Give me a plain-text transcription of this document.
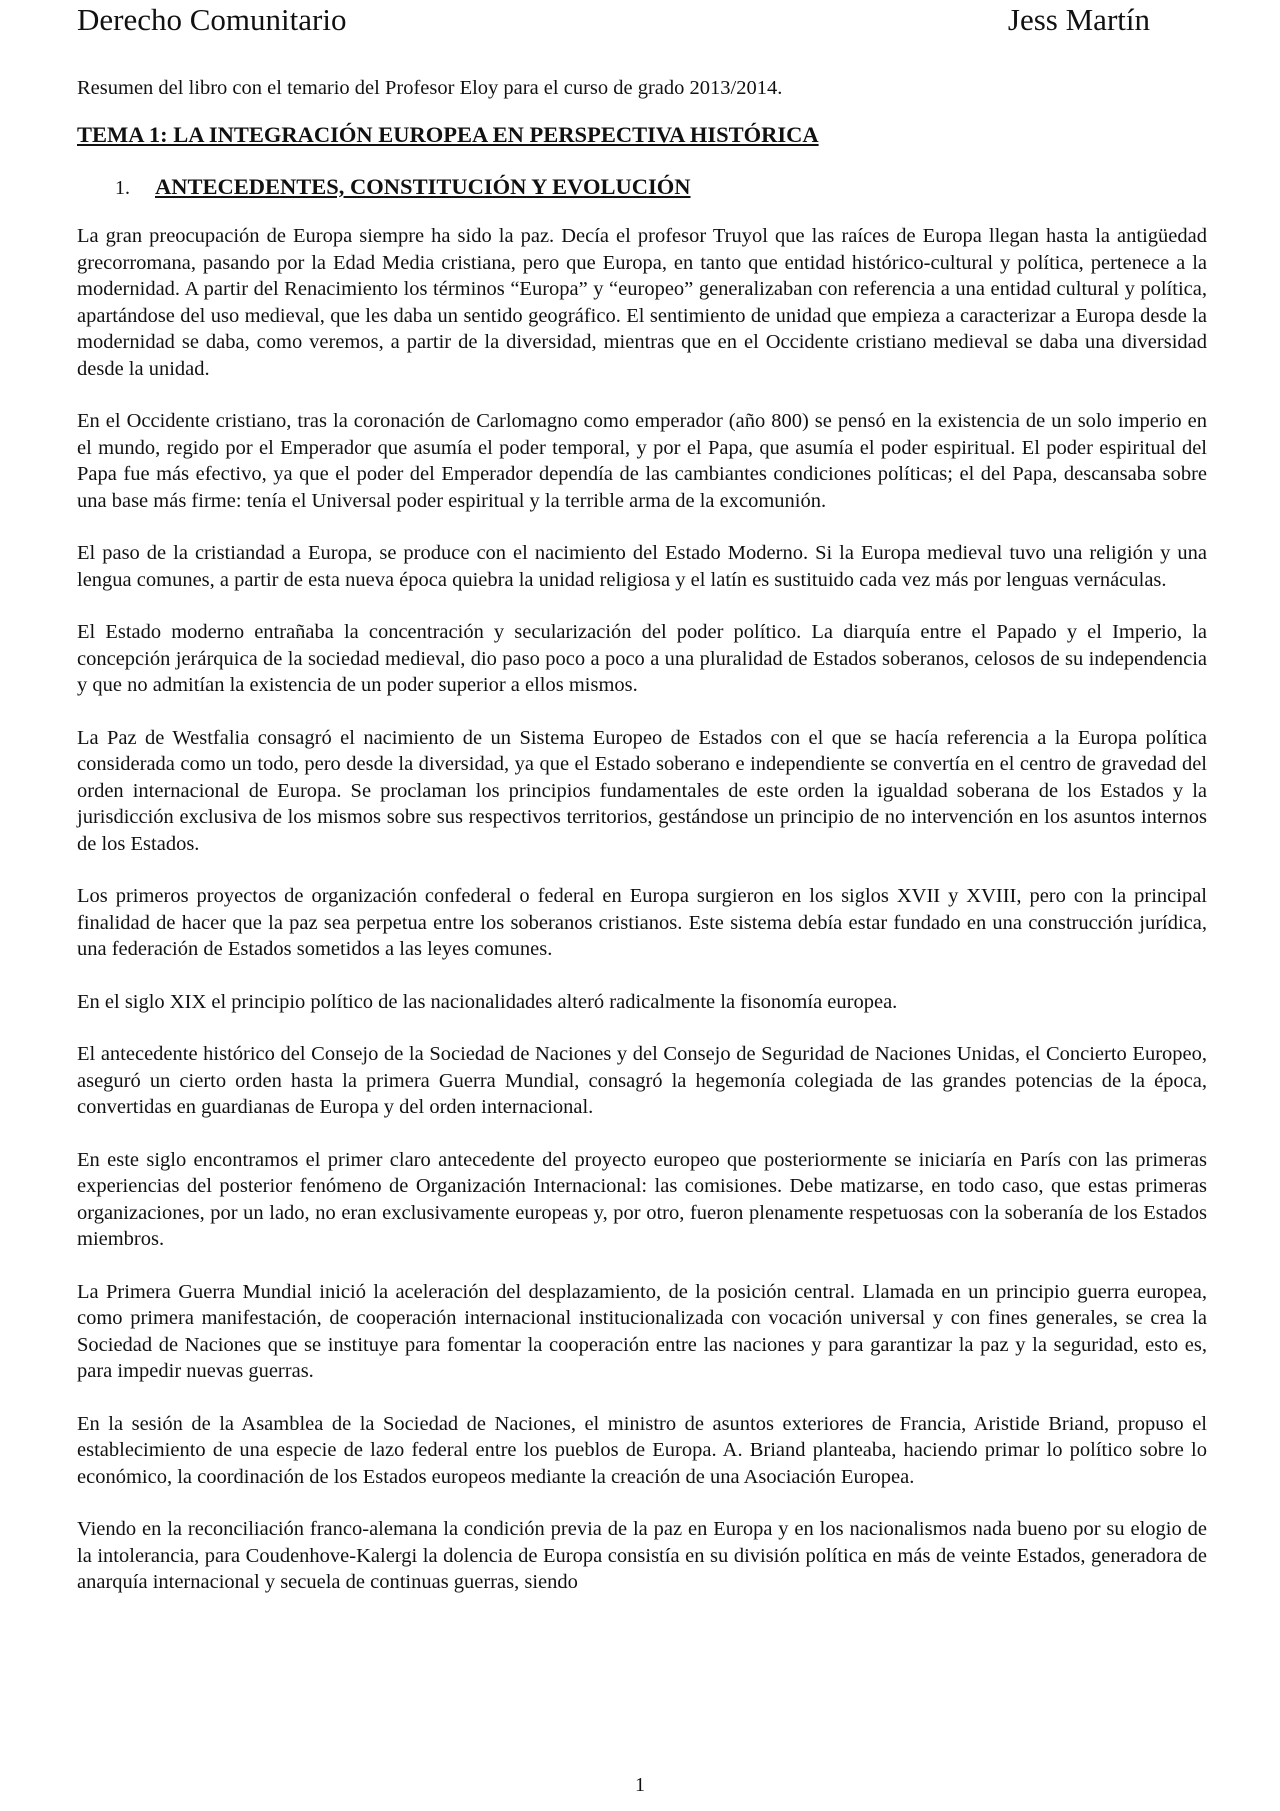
Derecho Comunitario	Jess Martín

Resumen del libro con el temario del Profesor Eloy para el curso de grado 2013/2014.

TEMA 1: LA INTEGRACIÓN EUROPEA EN PERSPECTIVA HISTÓRICA

1. ANTECEDENTES, CONSTITUCIÓN Y EVOLUCIÓN

La gran preocupación de Europa siempre ha sido la paz. Decía el profesor Truyol que las raíces de Europa llegan hasta la antigüedad grecorromana, pasando por la Edad Media cristiana, pero que Europa, en tanto que entidad histórico-cultural y política, pertenece a la modernidad. A partir del Renacimiento los términos “Europa” y “europeo” generalizaban con referencia a una entidad cultural y política, apartándose del uso medieval, que les daba un sentido geográfico. El sentimiento de unidad que empieza a caracterizar a Europa desde la modernidad se daba, como veremos, a partir de la diversidad, mientras que en el Occidente cristiano medieval se daba una diversidad desde la unidad.

En el Occidente cristiano, tras la coronación de Carlomagno como emperador (año 800) se pensó en la existencia de un solo imperio en el mundo, regido por el Emperador que asumía el poder temporal, y por el Papa, que asumía el poder espiritual. El poder espiritual del Papa fue más efectivo, ya que el poder del Emperador dependía de las cambiantes condiciones políticas; el del Papa, descansaba sobre una base más firme: tenía el Universal poder espiritual y la terrible arma de la excomunión.

El paso de la cristiandad a Europa, se produce con el nacimiento del Estado Moderno. Si la Europa medieval tuvo una religión y una lengua comunes, a partir de esta nueva época quiebra la unidad religiosa y el latín es sustituido cada vez más por lenguas vernáculas.

El Estado moderno entrañaba la concentración y secularización del poder político. La diarquía entre el Papado y el Imperio, la concepción jerárquica de la sociedad medieval, dio paso poco a poco a una pluralidad de Estados soberanos, celosos de su independencia y que no admitían la existencia de un poder superior a ellos mismos.

La Paz de Westfalia consagró el nacimiento de un Sistema Europeo de Estados con el que se hacía referencia a la Europa política considerada como un todo, pero desde la diversidad, ya que el Estado soberano e independiente se convertía en el centro de gravedad del orden internacional de Europa. Se proclaman los principios fundamentales de este orden la igualdad soberana de los Estados y la jurisdicción exclusiva de los mismos sobre sus respectivos territorios, gestándose un principio de no intervención en los asuntos internos de los Estados.

Los primeros proyectos de organización confederal o federal en Europa surgieron en los siglos XVII y XVIII, pero con la principal finalidad de hacer que la paz sea perpetua entre los soberanos cristianos. Este sistema debía estar fundado en una construcción jurídica, una federación de Estados sometidos a las leyes comunes.

En el siglo XIX el principio político de las nacionalidades alteró radicalmente la fisonomía europea.

El antecedente histórico del Consejo de la Sociedad de Naciones y del Consejo de Seguridad de Naciones Unidas, el Concierto Europeo, aseguró un cierto orden hasta la primera Guerra Mundial, consagró la hegemonía colegiada de las grandes potencias de la época, convertidas en guardianas de Europa y del orden internacional.

En este siglo encontramos el primer claro antecedente del proyecto europeo que posteriormente se iniciaría en París con las primeras experiencias del posterior fenómeno de Organización Internacional: las comisiones. Debe matizarse, en todo caso, que estas primeras organizaciones, por un lado, no eran exclusivamente europeas y, por otro, fueron plenamente respetuosas con la soberanía de los Estados miembros.

La Primera Guerra Mundial inició la aceleración del desplazamiento, de la posición central. Llamada en un principio guerra europea, como primera manifestación, de cooperación internacional institucionalizada con vocación universal y con fines generales, se crea la Sociedad de Naciones que se instituye para fomentar la cooperación entre las naciones y para garantizar la paz y la seguridad, esto es, para impedir nuevas guerras.

En la sesión de la Asamblea de la Sociedad de Naciones, el ministro de asuntos exteriores de Francia, Aristide Briand, propuso el establecimiento de una especie de lazo federal entre los pueblos de Europa. A. Briand planteaba, haciendo primar lo político sobre lo económico, la coordinación de los Estados europeos mediante la creación de una Asociación Europea.

Viendo en la reconciliación franco-alemana la condición previa de la paz en Europa y en los nacionalismos nada bueno por su elogio de la intolerancia, para Coudenhove-Kalergi la dolencia de Europa consistía en su división política en más de veinte Estados, generadora de anarquía internacional y secuela de continuas guerras, siendo

1
